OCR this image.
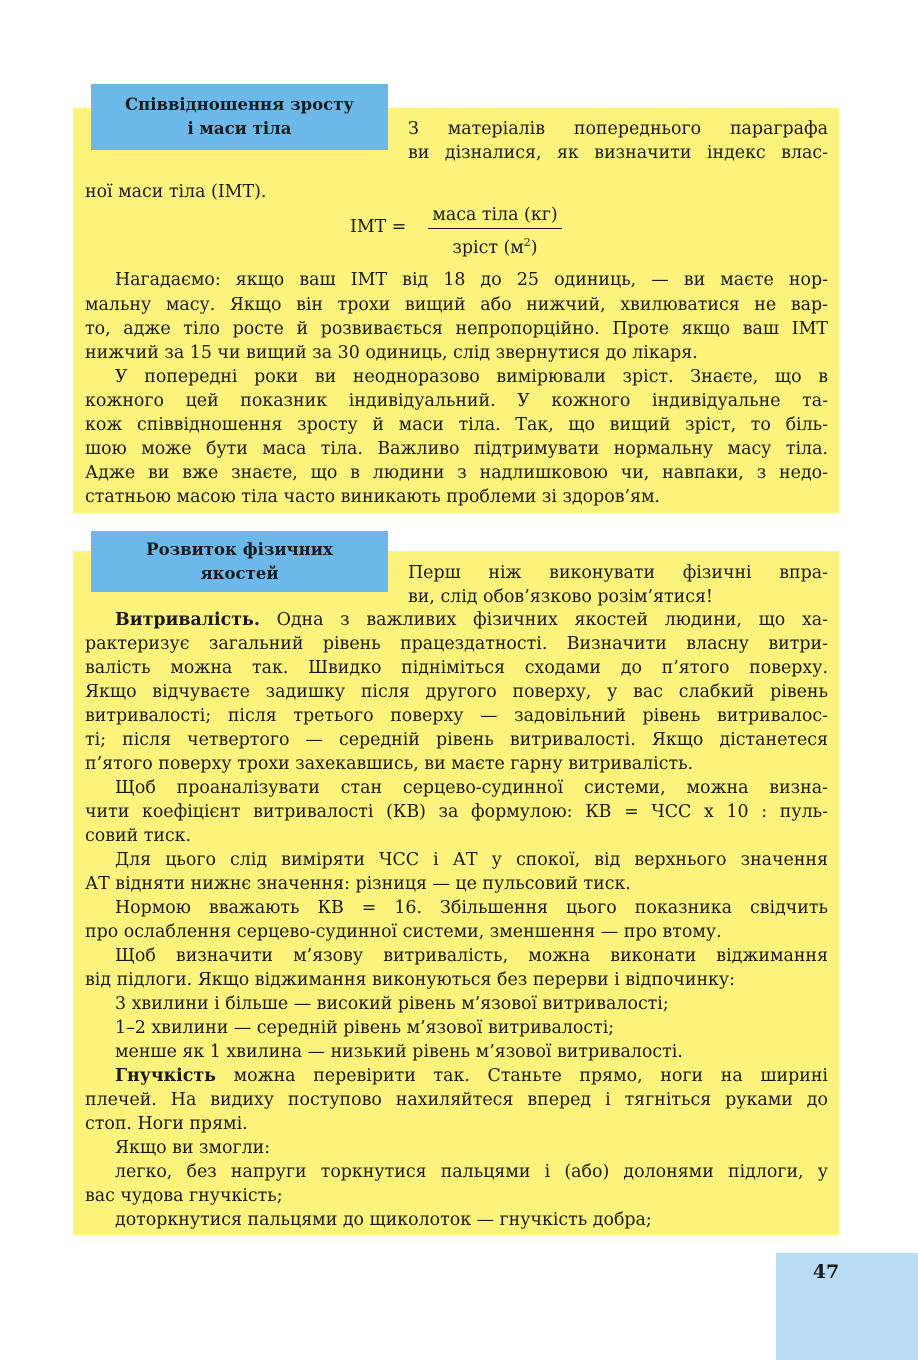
Співвідношення зросту
і маси тіла	З матеріалів попереднього параграфа
ви дізналися, як визначити індекс влас-
ної маси тіла (ІМТ).
ІМТ =
маса тіла (кг)
зріст $(м^2)$
Нагадаємо: якщо ваш ІМТ від 18 до 25 одиниць, — ви маєте нор-
мальну масу. Якщо він трохи вищий або нижчий, хвилюватися не вар-
то, адже тіло росте й розвивається непропорційно. Проте якщо ваш ІМТ
нижчий за 15 чи вищий за 30 одиниць, слід звернутися до лікаря.
У попередні роки ви неодноразово вимірювали зріст. Знаєте, що в
кожного цей показник індивідуальний. У кожного індивідуальне та-
кож співвідношення зросту й маси тіла. Так, що вищий зріст, то біль-
шою може бути маса тіла. Важливо підтримувати нормальну масу тіла.
Адже ви вже знаєте, що в людини з надлишковою чи, навпаки, з недо-
статньою масою тіла часто виникають проблеми зі здоров’ям.
Розвиток фізичних
якостей	Перш ніж виконувати фізичні впра-
ви, слід обов’язково розім’ятися!
Витривалість. Одна з важливих фізичних якостей людини, що ха-
рактеризує загальний рівень працездатності. Визначити власну витри-
валість можна так. Швидко підніміться сходами до п’ятого поверху.
Якщо відчуваєте задишку після другого поверху, у вас слабкий рівень
витривалості; після третього поверху — задовільний рівень витривалос-
ті; після четвертого — середній рівень витривалості. Якщо дістанетеся
п’ятого поверху трохи захекавшись, ви маєте гарну витривалість.
Щоб проаналізувати стан серцево-судинної системи, можна визна-
чити коефіцієнт витривалості (КВ) за формулою: КВ = ЧСС х 10 : пуль-
совий тиск.
Для цього слід виміряти ЧСС і АТ у спокої, від верхнього значення
АТ відняти нижнє значення: різниця — це пульсовий тиск.
Нормою вважають КВ = 16. Збільшення цього показника свідчить
про ослаблення серцево-судинної системи, зменшення — про втому.
Щоб визначити м’язову витривалість, можна виконати віджимання
від підлоги. Якщо віджимання виконуються без перерви і відпочинку:
3 хвилини і більше — високий рівень м’язової витривалості;
1–2 хвилини — середній рівень м’язової витривалості;
менше як 1 хвилина — низький рівень м’язової витривалості.
Гнучкість можна перевірити так. Станьте прямо, ноги на ширині
плечей. На видиху поступово нахиляйтеся вперед і тягніться руками до
стоп. Ноги прямі.
Якщо ви змогли:
легко, без напруги торкнутися пальцями і (або) долонями підлоги, у
вас чудова гнучкість;
доторкнутися пальцями до щиколоток — гнучкість добра;
47
